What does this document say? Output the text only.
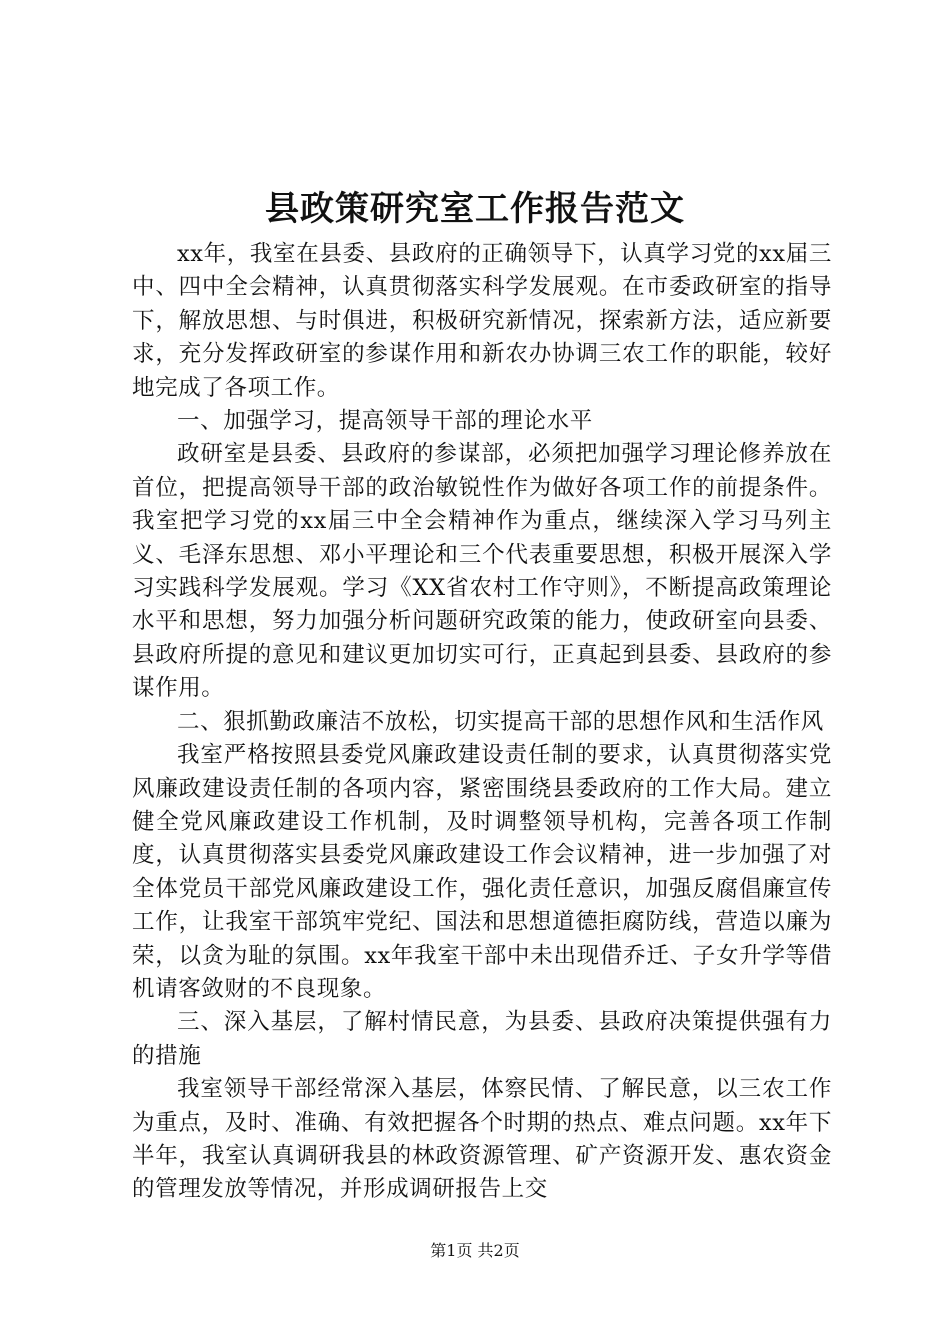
县政策研究室工作报告范文

xx年，我室在县委、县政府的正确领导下，认真学习党的xx届三中、四中全会精神，认真贯彻落实科学发展观。在市委政研室的指导下，解放思想、与时俱进，积极研究新情况，探索新方法，适应新要求，充分发挥政研室的参谋作用和新农办协调三农工作的职能，较好地完成了各项工作。

一、加强学习，提高领导干部的理论水平

政研室是县委、县政府的参谋部，必须把加强学习理论修养放在首位，把提高领导干部的政治敏锐性作为做好各项工作的前提条件。我室把学习党的xx届三中全会精神作为重点，继续深入学习马列主义、毛泽东思想、邓小平理论和三个代表重要思想，积极开展深入学习实践科学发展观。学习《XX省农村工作守则》，不断提高政策理论水平和思想，努力加强分析问题研究政策的能力，使政研室向县委、县政府所提的意见和建议更加切实可行，正真起到县委、县政府的参谋作用。

二、狠抓勤政廉洁不放松，切实提高干部的思想作风和生活作风

我室严格按照县委党风廉政建设责任制的要求，认真贯彻落实党风廉政建设责任制的各项内容，紧密围绕县委政府的工作大局。建立健全党风廉政建设工作机制，及时调整领导机构，完善各项工作制度，认真贯彻落实县委党风廉政建设工作会议精神，进一步加强了对全体党员干部党风廉政建设工作，强化责任意识，加强反腐倡廉宣传工作，让我室干部筑牢党纪、国法和思想道德拒腐防线，营造以廉为荣，以贪为耻的氛围。xx年我室干部中未出现借乔迁、子女升学等借机请客敛财的不良现象。

三、深入基层，了解村情民意，为县委、县政府决策提供强有力的措施

我室领导干部经常深入基层，体察民情、了解民意，以三农工作为重点，及时、准确、有效把握各个时期的热点、难点问题。xx年下半年，我室认真调研我县的林政资源管理、矿产资源开发、惠农资金的管理发放等情况，并形成调研报告上交

第1页 共2页
